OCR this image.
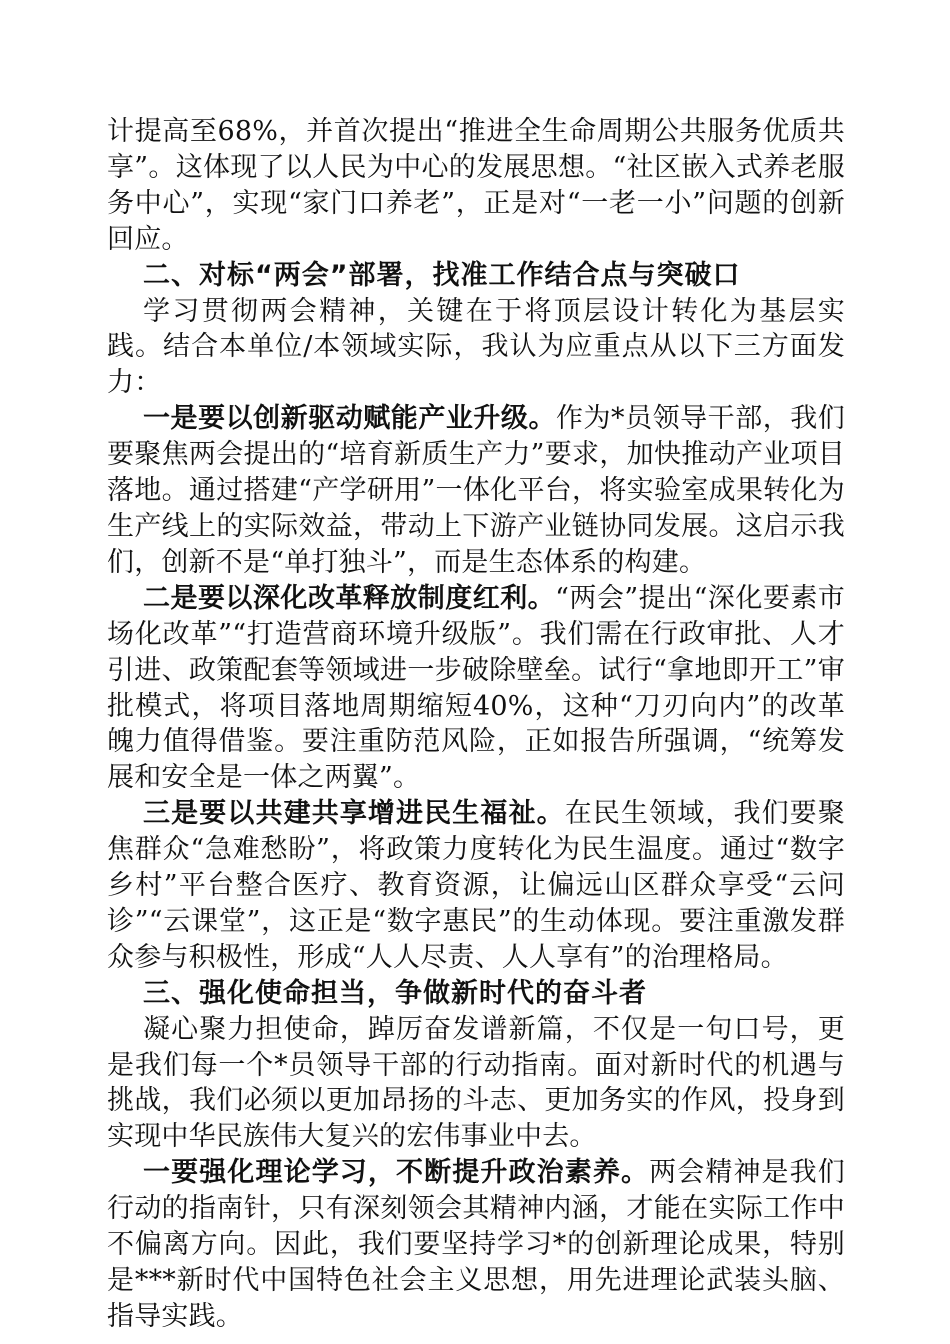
计提高至68%，并首次提出“推进全生命周期公共服务优质共享”。这体现了以人民为中心的发展思想。“社区嵌入式养老服务中心”，实现“家门口养老”，正是对“一老一小”问题的创新回应。

二、对标“两会”部署，找准工作结合点与突破口

学习贯彻两会精神，关键在于将顶层设计转化为基层实践。结合本单位/本领域实际，我认为应重点从以下三方面发力：

一是要以创新驱动赋能产业升级。作为*员领导干部，我们要聚焦两会提出的“培育新质生产力”要求，加快推动产业项目落地。通过搭建“产学研用”一体化平台，将实验室成果转化为生产线上的实际效益，带动上下游产业链协同发展。这启示我们，创新不是“单打独斗”，而是生态体系的构建。

二是要以深化改革释放制度红利。“两会”提出“深化要素市场化改革”“打造营商环境升级版”。我们需在行政审批、人才引进、政策配套等领域进一步破除壁垒。试行“拿地即开工”审批模式，将项目落地周期缩短40%，这种“刀刃向内”的改革魄力值得借鉴。要注重防范风险，正如报告所强调，“统筹发展和安全是一体之两翼”。

三是要以共建共享增进民生福祉。在民生领域，我们要聚焦群众“急难愁盼”，将政策力度转化为民生温度。通过“数字乡村”平台整合医疗、教育资源，让偏远山区群众享受“云问诊”“云课堂”，这正是“数字惠民”的生动体现。要注重激发群众参与积极性，形成“人人尽责、人人享有”的治理格局。

三、强化使命担当，争做新时代的奋斗者

凝心聚力担使命，踔厉奋发谱新篇，不仅是一句口号，更是我们每一个*员领导干部的行动指南。面对新时代的机遇与挑战，我们必须以更加昂扬的斗志、更加务实的作风，投身到实现中华民族伟大复兴的宏伟事业中去。

一要强化理论学习，不断提升政治素养。两会精神是我们行动的指南针，只有深刻领会其精神内涵，才能在实际工作中不偏离方向。因此，我们要坚持学习*的创新理论成果，特别是***新时代中国特色社会主义思想，用先进理论武装头脑、指导实践。
